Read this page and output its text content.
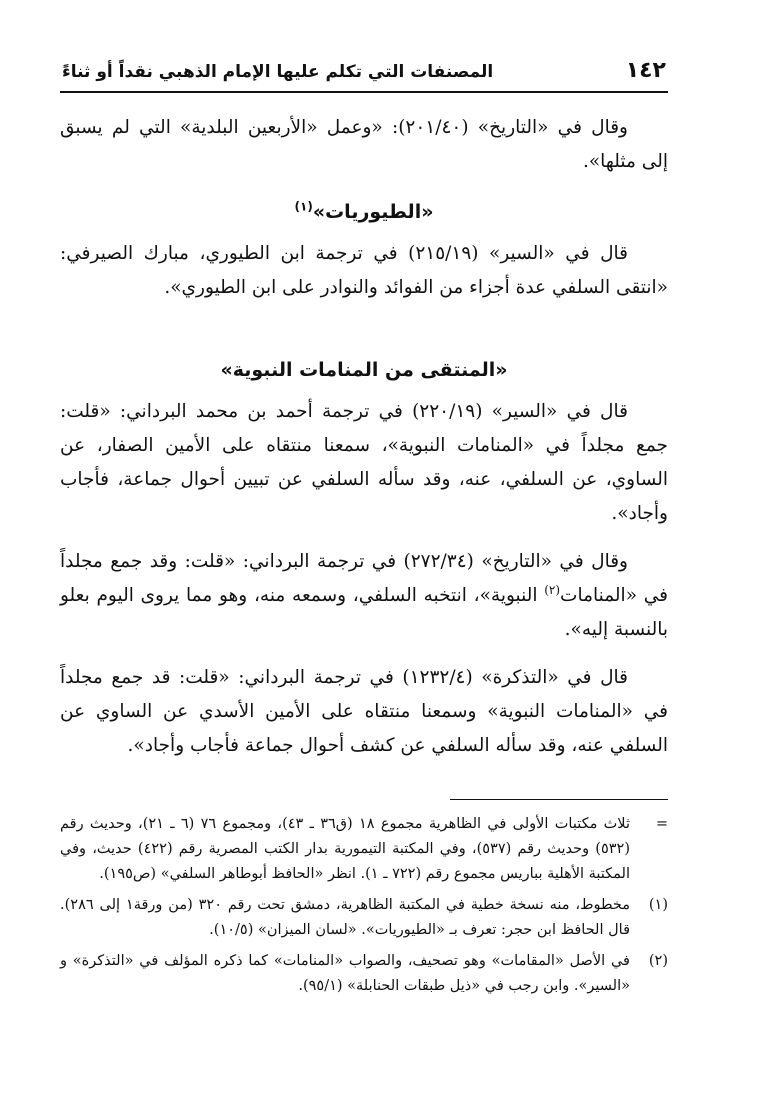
١٤٢
المصنفات التي تكلم عليها الإمام الذهبي نقداً أو ثناءً

وقال في «التاريخ» (٢٠١/٤٠): «وعمل «الأربعين البلدية» التي لم يسبق إلى مثلها».

«الطيوريات»$^{(١)}$

قال في «السير» (٢١٥/١٩) في ترجمة ابن الطيوري، مبارك الصيرفي: «انتقى السلفي عدة أجزاء من الفوائد والنوادر على ابن الطيوري».

«المنتقى من المنامات النبوية»

قال في «السير» (٢٢٠/١٩) في ترجمة أحمد بن محمد البرداني: «قلت: جمع مجلداً في «المنامات النبوية»، سمعنا منتقاه على الأمين الصفار، عن الساوي، عن السلفي، عنه، وقد سأله السلفي عن تبيين أحوال جماعة، فأجاب وأجاد».

وقال في «التاريخ» (٢٧٢/٣٤) في ترجمة البرداني: «قلت: وقد جمع مجلداً في «المنامات$^{(٢)}$ النبوية»، انتخبه السلفي، وسمعه منه، وهو مما يروى اليوم بعلو بالنسبة إليه».

قال في «التذكرة» (١٢٣٢/٤) في ترجمة البرداني: «قلت: قد جمع مجلداً في «المنامات النبوية» وسمعنا منتقاه على الأمين الأسدي عن الساوي عن السلفي عنه، وقد سأله السلفي عن كشف أحوال جماعة فأجاب وأجاد».

=
ثلاث مكتبات الأولى في الظاهرية مجموع ١٨ (ق٣٦ ـ ٤٣)، ومجموع ٧٦ (٦ ـ ٢١)، وحديث رقم (٥٣٢) وحديث رقم (٥٣٧)، وفي المكتبة التيمورية بدار الكتب المصرية رقم (٤٢٢) حديث، وفي المكتبة الأهلية بباريس مجموع رقم (٧٢٢ ـ ١). انظر «الحافظ أبوطاهر السلفي» (ص١٩٥).
(١)
مخطوط، منه نسخة خطية في المكتبة الظاهرية، دمشق تحت رقم ٣٢٠ (من ورقة١ إلى ٢٨٦). قال الحافظ ابن حجر: تعرف بـ «الطيوريات». «لسان الميزان» (١٠/٥).
(٢)
في الأصل «المقامات» وهو تصحيف، والصواب «المنامات» كما ذكره المؤلف في «التذكرة» و «السير». وابن رجب في «ذيل طبقات الحنابلة» (٩٥/١).
